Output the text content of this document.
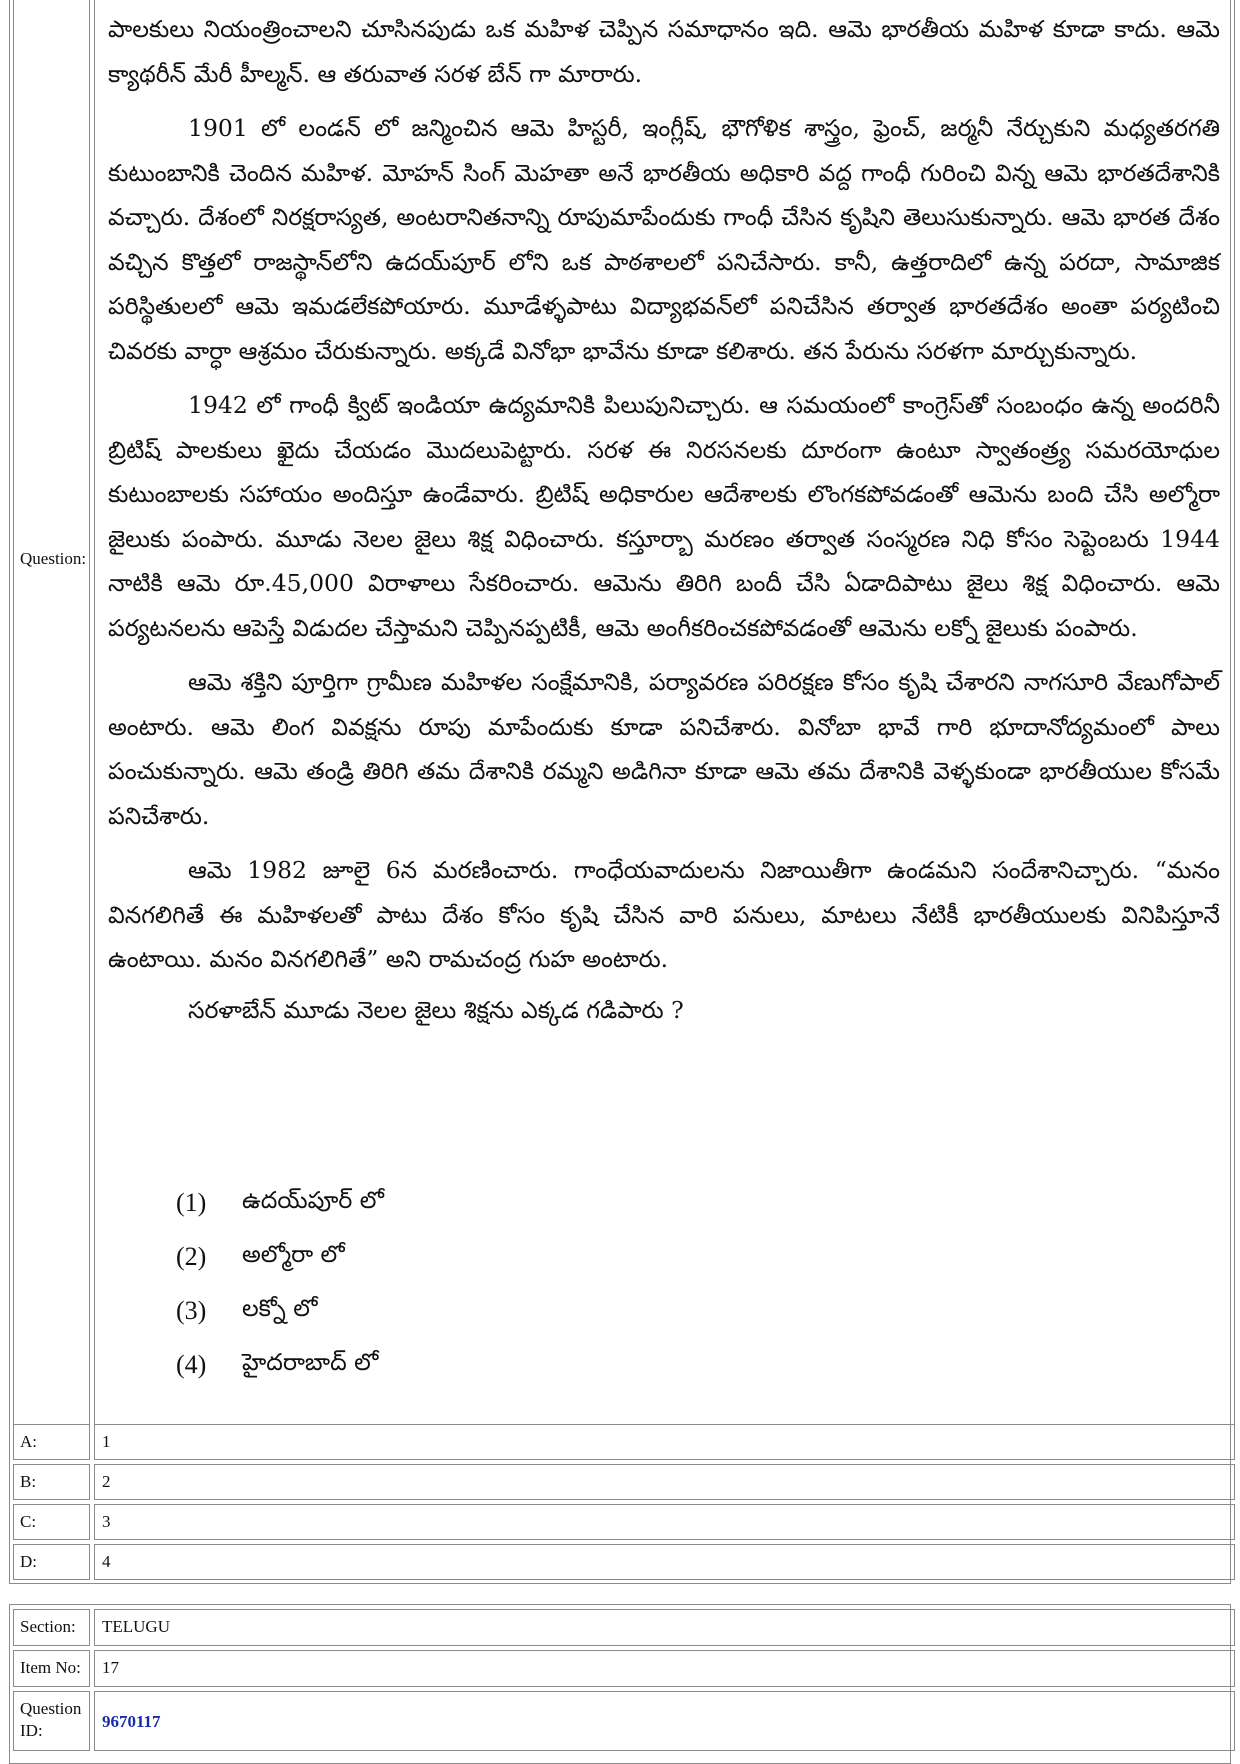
Question:

పాలకులు నియంత్రించాలని చూసినపుడు ఒక మహిళ చెప్పిన సమాధానం ఇది. ఆమె భారతీయ మహిళ కూడా కాదు. ఆమె క్యాథరీన్ మేరీ హీల్మన్. ఆ తరువాత సరళ బేన్ గా మారారు.

1901 లో లండన్ లో జన్మించిన ఆమె హిస్టరీ, ఇంగ్లీష్, భౌగోళిక శాస్త్రం, ఫ్రెంచ్, జర్మనీ నేర్చుకుని మధ్యతరగతి కుటుంబానికి చెందిన మహిళ. మోహన్ సింగ్ మెహతా అనే భారతీయ అధికారి వద్ద గాంధీ గురించి విన్న ఆమె భారతదేశానికి వచ్చారు. దేశంలో నిరక్షరాస్యత, అంటరానితనాన్ని రూపుమాపేందుకు గాంధీ చేసిన కృషిని తెలుసుకున్నారు. ఆమె భారత దేశం వచ్చిన కొత్తలో రాజస్థాన్‌లోని ఉదయ్‌పూర్ లోని ఒక పాఠశాలలో పనిచేసారు. కానీ, ఉత్తరాదిలో ఉన్న పరదా, సామాజిక పరిస్థితులలో ఆమె ఇమడలేకపోయారు. మూడేళ్ళపాటు విద్యాభవన్‌లో పనిచేసిన తర్వాత భారతదేశం అంతా పర్యటించి చివరకు వార్ధా ఆశ్రమం చేరుకున్నారు. అక్కడే వినోభా భావేను కూడా కలిశారు. తన పేరును సరళగా మార్చుకున్నారు.

1942 లో గాంధీ క్విట్ ఇండియా ఉద్యమానికి పిలుపునిచ్చారు. ఆ సమయంలో కాంగ్రెస్‌తో సంబంధం ఉన్న అందరినీ బ్రిటిష్ పాలకులు ఖైదు చేయడం మొదలుపెట్టారు. సరళ ఈ నిరసనలకు దూరంగా ఉంటూ స్వాతంత్ర్య సమరయోధుల కుటుంబాలకు సహాయం అందిస్తూ ఉండేవారు. బ్రిటిష్ అధికారుల ఆదేశాలకు లొంగకపోవడంతో ఆమెను బంది చేసి అల్మోరా జైలుకు పంపారు. మూడు నెలల జైలు శిక్ష విధించారు. కస్తూర్బా మరణం తర్వాత సంస్మరణ నిధి కోసం సెప్టెంబరు 1944 నాటికి ఆమె రూ.45,000 విరాళాలు సేకరించారు. ఆమెను తిరిగి బందీ చేసి ఏడాదిపాటు జైలు శిక్ష విధించారు. ఆమె పర్యటనలను ఆపెస్తే విడుదల చేస్తామని చెప్పినప్పటికీ, ఆమె అంగీకరించకపోవడంతో ఆమెను లక్నో జైలుకు పంపారు.

ఆమె శక్తిని పూర్తిగా గ్రామీణ మహిళల సంక్షేమానికి, పర్యావరణ పరిరక్షణ కోసం కృషి చేశారని నాగసూరి వేణుగోపాల్ అంటారు. ఆమె లింగ వివక్షను రూపు మాపేందుకు కూడా పనిచేశారు. వినోబా భావే గారి భూదానోద్యమంలో పాలు పంచుకున్నారు. ఆమె తండ్రి తిరిగి తమ దేశానికి రమ్మని అడిగినా కూడా ఆమె తమ దేశానికి వెళ్ళకుండా భారతీయుల కోసమే పనిచేశారు.

ఆమె 1982 జూలై 6న మరణించారు. గాంధేయవాదులను నిజాయితీగా ఉండమని సందేశానిచ్చారు. “మనం వినగలిగితే ఈ మహిళలతో పాటు దేశం కోసం కృషి చేసిన వారి పనులు, మాటలు నేటికీ భారతీయులకు వినిపిస్తూనే ఉంటాయి. మనం వినగలిగితే” అని రామచంద్ర గుహ అంటారు.

సరళాబేన్ మూడు నెలల జైలు శిక్షను ఎక్కడ గడిపారు ?

(1)	ఉదయ్‌పూర్ లో
(2)	అల్మోరా లో
(3)	లక్నో లో
(4)	హైదరాబాద్ లో
A:	1
B:	2
C:	3
D:	4
Section: TELUGU
Item No: 17
Question
ID:	9670117
